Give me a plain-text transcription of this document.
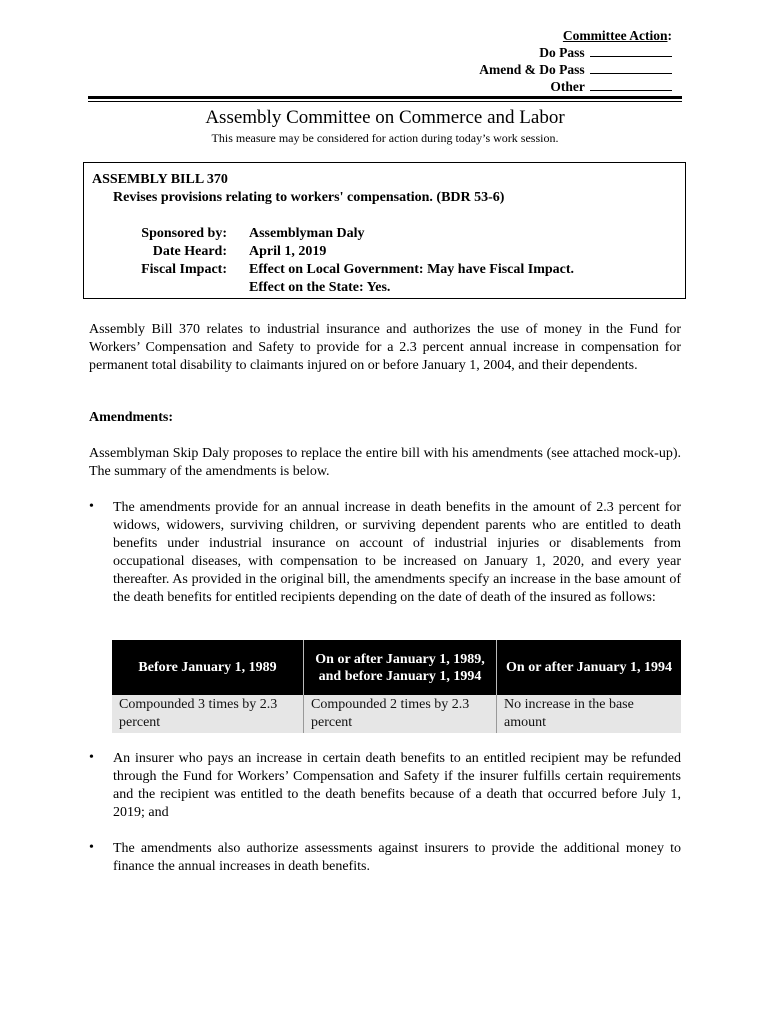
Committee Action:
Do Pass
Amend & Do Pass
Other
Assembly Committee on Commerce and Labor
This measure may be considered for action during today’s work session.
ASSEMBLY BILL 370
Revises provisions relating to workers' compensation. (BDR 53-6)
Sponsored by: Assemblyman Daly
Date Heard: April 1, 2019
Fiscal Impact: Effect on Local Government: May have Fiscal Impact.
Effect on the State: Yes.
Assembly Bill 370 relates to industrial insurance and authorizes the use of money in the Fund for Workers’ Compensation and Safety to provide for a 2.3 percent annual increase in compensation for permanent total disability to claimants injured on or before January 1, 2004, and their dependents.
Amendments:
Assemblyman Skip Daly proposes to replace the entire bill with his amendments (see attached mock-up). The summary of the amendments is below.
• The amendments provide for an annual increase in death benefits in the amount of 2.3 percent for widows, widowers, surviving children, or surviving dependent parents who are entitled to death benefits under industrial insurance on account of industrial injuries or disablements from occupational diseases, with compensation to be increased on January 1, 2020, and every year thereafter. As provided in the original bill, the amendments specify an increase in the base amount of the death benefits for entitled recipients depending on the date of death of the insured as follows:
Before January 1, 1989	On or after January 1, 1989, and before January 1, 1994	On or after January 1, 1994
Compounded 3 times by 2.3 percent	Compounded 2 times by 2.3 percent	No increase in the base amount
• An insurer who pays an increase in certain death benefits to an entitled recipient may be refunded through the Fund for Workers’ Compensation and Safety if the insurer fulfills certain requirements and the recipient was entitled to the death benefits because of a death that occurred before July 1, 2019; and
• The amendments also authorize assessments against insurers to provide the additional money to finance the annual increases in death benefits.
